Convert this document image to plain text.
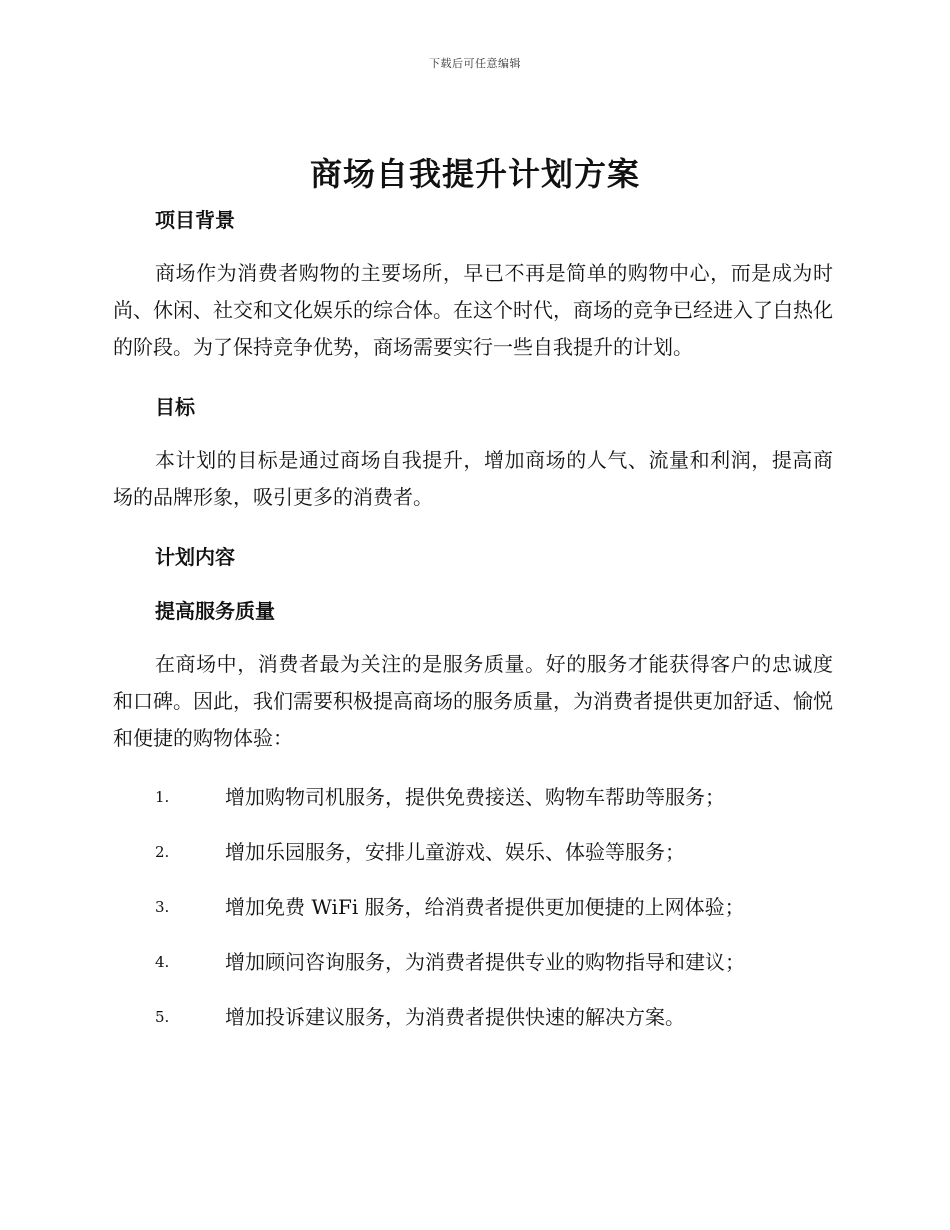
下载后可任意编辑
商场自我提升计划方案
项目背景

商场作为消费者购物的主要场所，早已不再是简单的购物中心，而是成为时尚、休闲、社交和文化娱乐的综合体。在这个时代，商场的竞争已经进入了白热化的阶段。为了保持竞争优势，商场需要实行一些自我提升的计划。

目标

本计划的目标是通过商场自我提升，增加商场的人气、流量和利润，提高商场的品牌形象，吸引更多的消费者。

计划内容
提高服务质量

在商场中，消费者最为关注的是服务质量。好的服务才能获得客户的忠诚度和口碑。因此，我们需要积极提高商场的服务质量，为消费者提供更加舒适、愉悦和便捷的购物体验：

1.	增加购物司机服务，提供免费接送、购物车帮助等服务；
2.	增加乐园服务，安排儿童游戏、娱乐、体验等服务；
3.	增加免费 WiFi 服务，给消费者提供更加便捷的上网体验；
4.	增加顾问咨询服务，为消费者提供专业的购物指导和建议；
5.	增加投诉建议服务，为消费者提供快速的解决方案。
